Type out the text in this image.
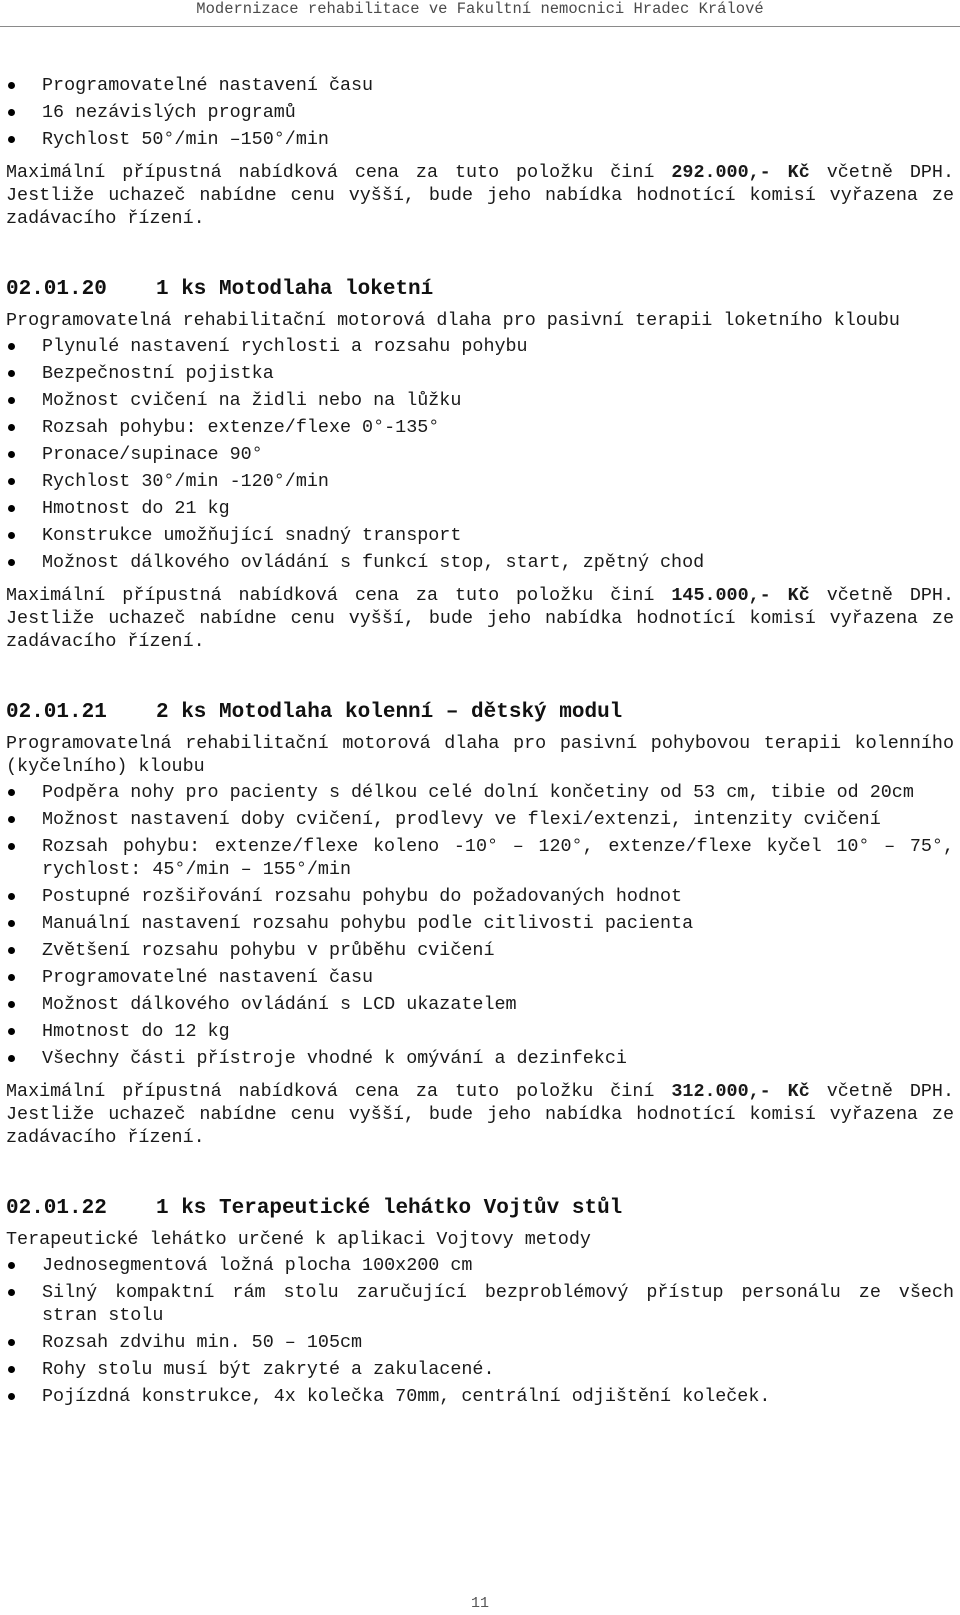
Modernizace rehabilitace ve Fakultní nemocnici Hradec Králové
Programovatelné nastavení času
16 nezávislých programů
Rychlost 50°/min –150°/min

Maximální přípustná nabídková cena za tuto položku činí 292.000,- Kč včetně DPH. Jestliže uchazeč nabídne cenu vyšší, bude jeho nabídka hodnotící komisí vyřazena ze zadávacího řízení.

02.01.20 1 ks Motodlaha loketní

Programovatelná rehabilitační motorová dlaha pro pasivní terapii loketního kloubu

Plynulé nastavení rychlosti a rozsahu pohybu
Bezpečnostní pojistka
Možnost cvičení na židli nebo na lůžku
Rozsah pohybu: extenze/flexe 0°-135°
Pronace/supinace 90°
Rychlost 30°/min -120°/min
Hmotnost do 21 kg
Konstrukce umožňující snadný transport
Možnost dálkového ovládání s funkcí stop, start, zpětný chod

Maximální přípustná nabídková cena za tuto položku činí 145.000,- Kč včetně DPH. Jestliže uchazeč nabídne cenu vyšší, bude jeho nabídka hodnotící komisí vyřazena ze zadávacího řízení.

02.01.21 2 ks Motodlaha kolenní – dětský modul

Programovatelná rehabilitační motorová dlaha pro pasivní pohybovou terapii kolenního (kyčelního) kloubu

Podpěra nohy pro pacienty s délkou celé dolní končetiny od 53 cm, tibie od 20cm
Možnost nastavení doby cvičení, prodlevy ve flexi/extenzi, intenzity cvičení
Rozsah pohybu: extenze/flexe koleno -10° – 120°, extenze/flexe kyčel 10° – 75°, rychlost: 45°/min – 155°/min
Postupné rozšiřování rozsahu pohybu do požadovaných hodnot
Manuální nastavení rozsahu pohybu podle citlivosti pacienta
Zvětšení rozsahu pohybu v průběhu cvičení
Programovatelné nastavení času
Možnost dálkového ovládání s LCD ukazatelem
Hmotnost do 12 kg
Všechny části přístroje vhodné k omývání a dezinfekci

Maximální přípustná nabídková cena za tuto položku činí 312.000,- Kč včetně DPH. Jestliže uchazeč nabídne cenu vyšší, bude jeho nabídka hodnotící komisí vyřazena ze zadávacího řízení.

02.01.22 1 ks Terapeutické lehátko Vojtův stůl

Terapeutické lehátko určené k aplikaci Vojtovy metody

Jednosegmentová ložná plocha 100x200 cm
Silný kompaktní rám stolu zaručující bezproblémový přístup personálu ze všech stran stolu
Rozsah zdvihu min. 50 – 105cm
Rohy stolu musí být zakryté a zakulacené.
Pojízdná konstrukce, 4x kolečka 70mm, centrální odjištění koleček.
11
